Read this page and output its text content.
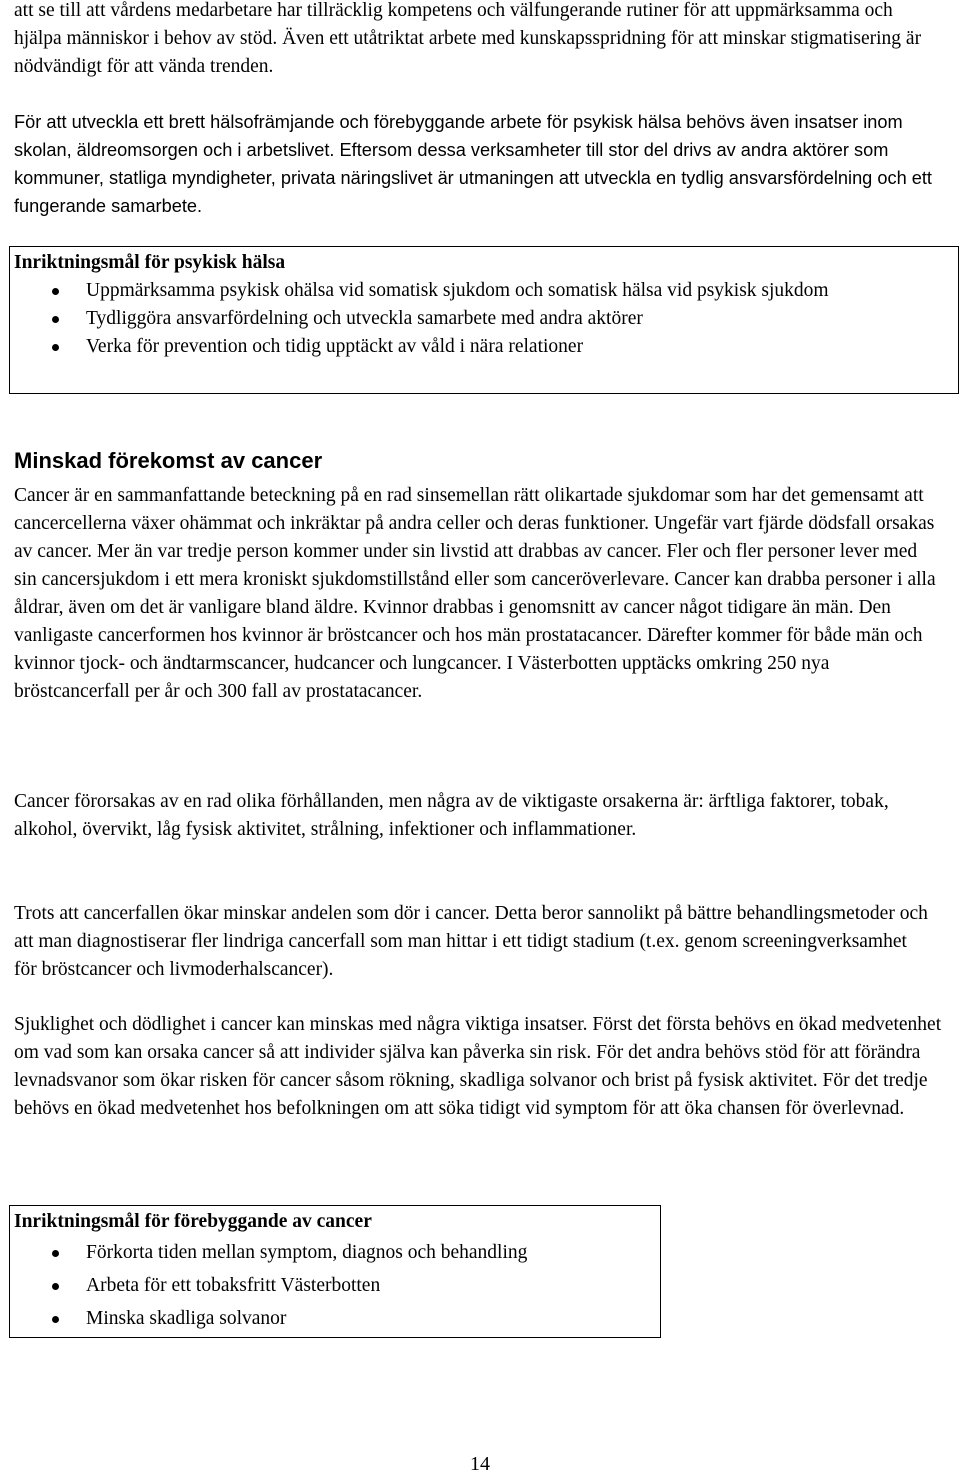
att se till att vårdens medarbetare har tillräcklig kompetens och välfungerande rutiner för att uppmärksamma och hjälpa människor i behov av stöd. Även ett utåtriktat arbete med kunskapsspridning för att minskar stigmatisering är nödvändigt för att vända trenden.

För att utveckla ett brett hälsofrämjande och förebyggande arbete för psykisk hälsa behövs även insatser inom skolan, äldreomsorgen och i arbetslivet. Eftersom dessa verksamheter till stor del drivs av andra aktörer som kommuner, statliga myndigheter, privata näringslivet är utmaningen att utveckla en tydlig ansvarsfördelning och ett fungerande samarbete.

Inriktningsmål för psykisk hälsa
Uppmärksamma psykisk ohälsa vid somatisk sjukdom och somatisk hälsa vid psykisk sjukdom
Tydliggöra ansvarfördelning och utveckla samarbete med andra aktörer
Verka för prevention och tidig upptäckt av våld i nära relationer
Minskad förekomst av cancer

Cancer är en sammanfattande beteckning på en rad sinsemellan rätt olikartade sjukdomar som har det gemensamt att cancercellerna växer ohämmat och inkräktar på andra celler och deras funktioner. Ungefär vart fjärde dödsfall orsakas av cancer. Mer än var tredje person kommer under sin livstid att drabbas av cancer. Fler och fler personer lever med sin cancersjukdom i ett mera kroniskt sjukdomstillstånd eller som canceröverlevare. Cancer kan drabba personer i alla åldrar, även om det är vanligare bland äldre. Kvinnor drabbas i genomsnitt av cancer något tidigare än män. Den vanligaste cancerformen hos kvinnor är bröstcancer och hos män prostatacancer. Därefter kommer för både män och kvinnor tjock- och ändtarmscancer, hudcancer och lungcancer. I Västerbotten upptäcks omkring 250 nya bröstcancerfall per år och 300 fall av prostatacancer.

Cancer förorsakas av en rad olika förhållanden, men några av de viktigaste orsakerna är: ärftliga faktorer, tobak, alkohol, övervikt, låg fysisk aktivitet, strålning, infektioner och inflammationer.

Trots att cancerfallen ökar minskar andelen som dör i cancer. Detta beror sannolikt på bättre behandlingsmetoder och att man diagnostiserar fler lindriga cancerfall som man hittar i ett tidigt stadium (t.ex. genom screeningverksamhet för bröstcancer och livmoderhalscancer).

Sjuklighet och dödlighet i cancer kan minskas med några viktiga insatser. Först det första behövs en ökad medvetenhet om vad som kan orsaka cancer så att individer själva kan påverka sin risk. För det andra behövs stöd för att förändra levnadsvanor som ökar risken för cancer såsom rökning, skadliga solvanor och brist på fysisk aktivitet. För det tredje behövs en ökad medvetenhet hos befolkningen om att söka tidigt vid symptom för att öka chansen för överlevnad.

Inriktningsmål för förebyggande av cancer
Förkorta tiden mellan symptom, diagnos och behandling
Arbeta för ett tobaksfritt Västerbotten
Minska skadliga solvanor
14
